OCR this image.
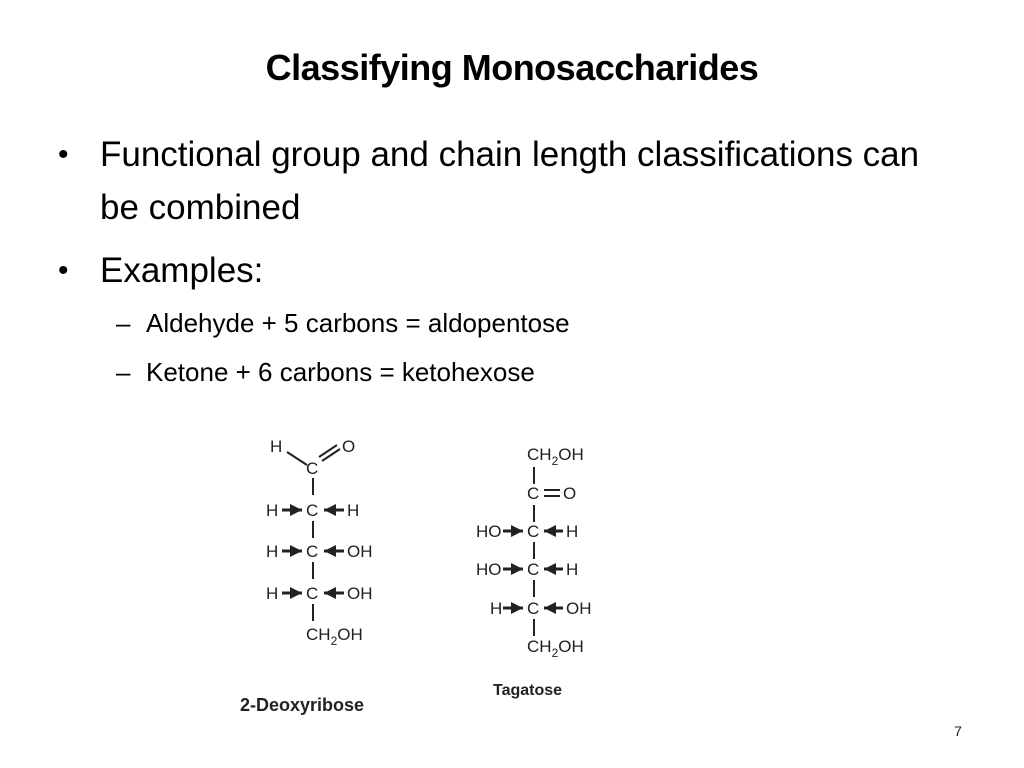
Classifying Monosaccharides
• Functional group and chain length classifications can be combined
• Examples:
– Aldehyde + 5 carbons = aldopentose
– Ketone + 6 carbons = ketohexose
H	O
C
H C H
H C OH
H C OH
$CH_2OH$
2-Deoxyribose
$CH_2OH$
C O
HO C H
HO C H
H C OH
$CH_2OH$
Tagatose
7
